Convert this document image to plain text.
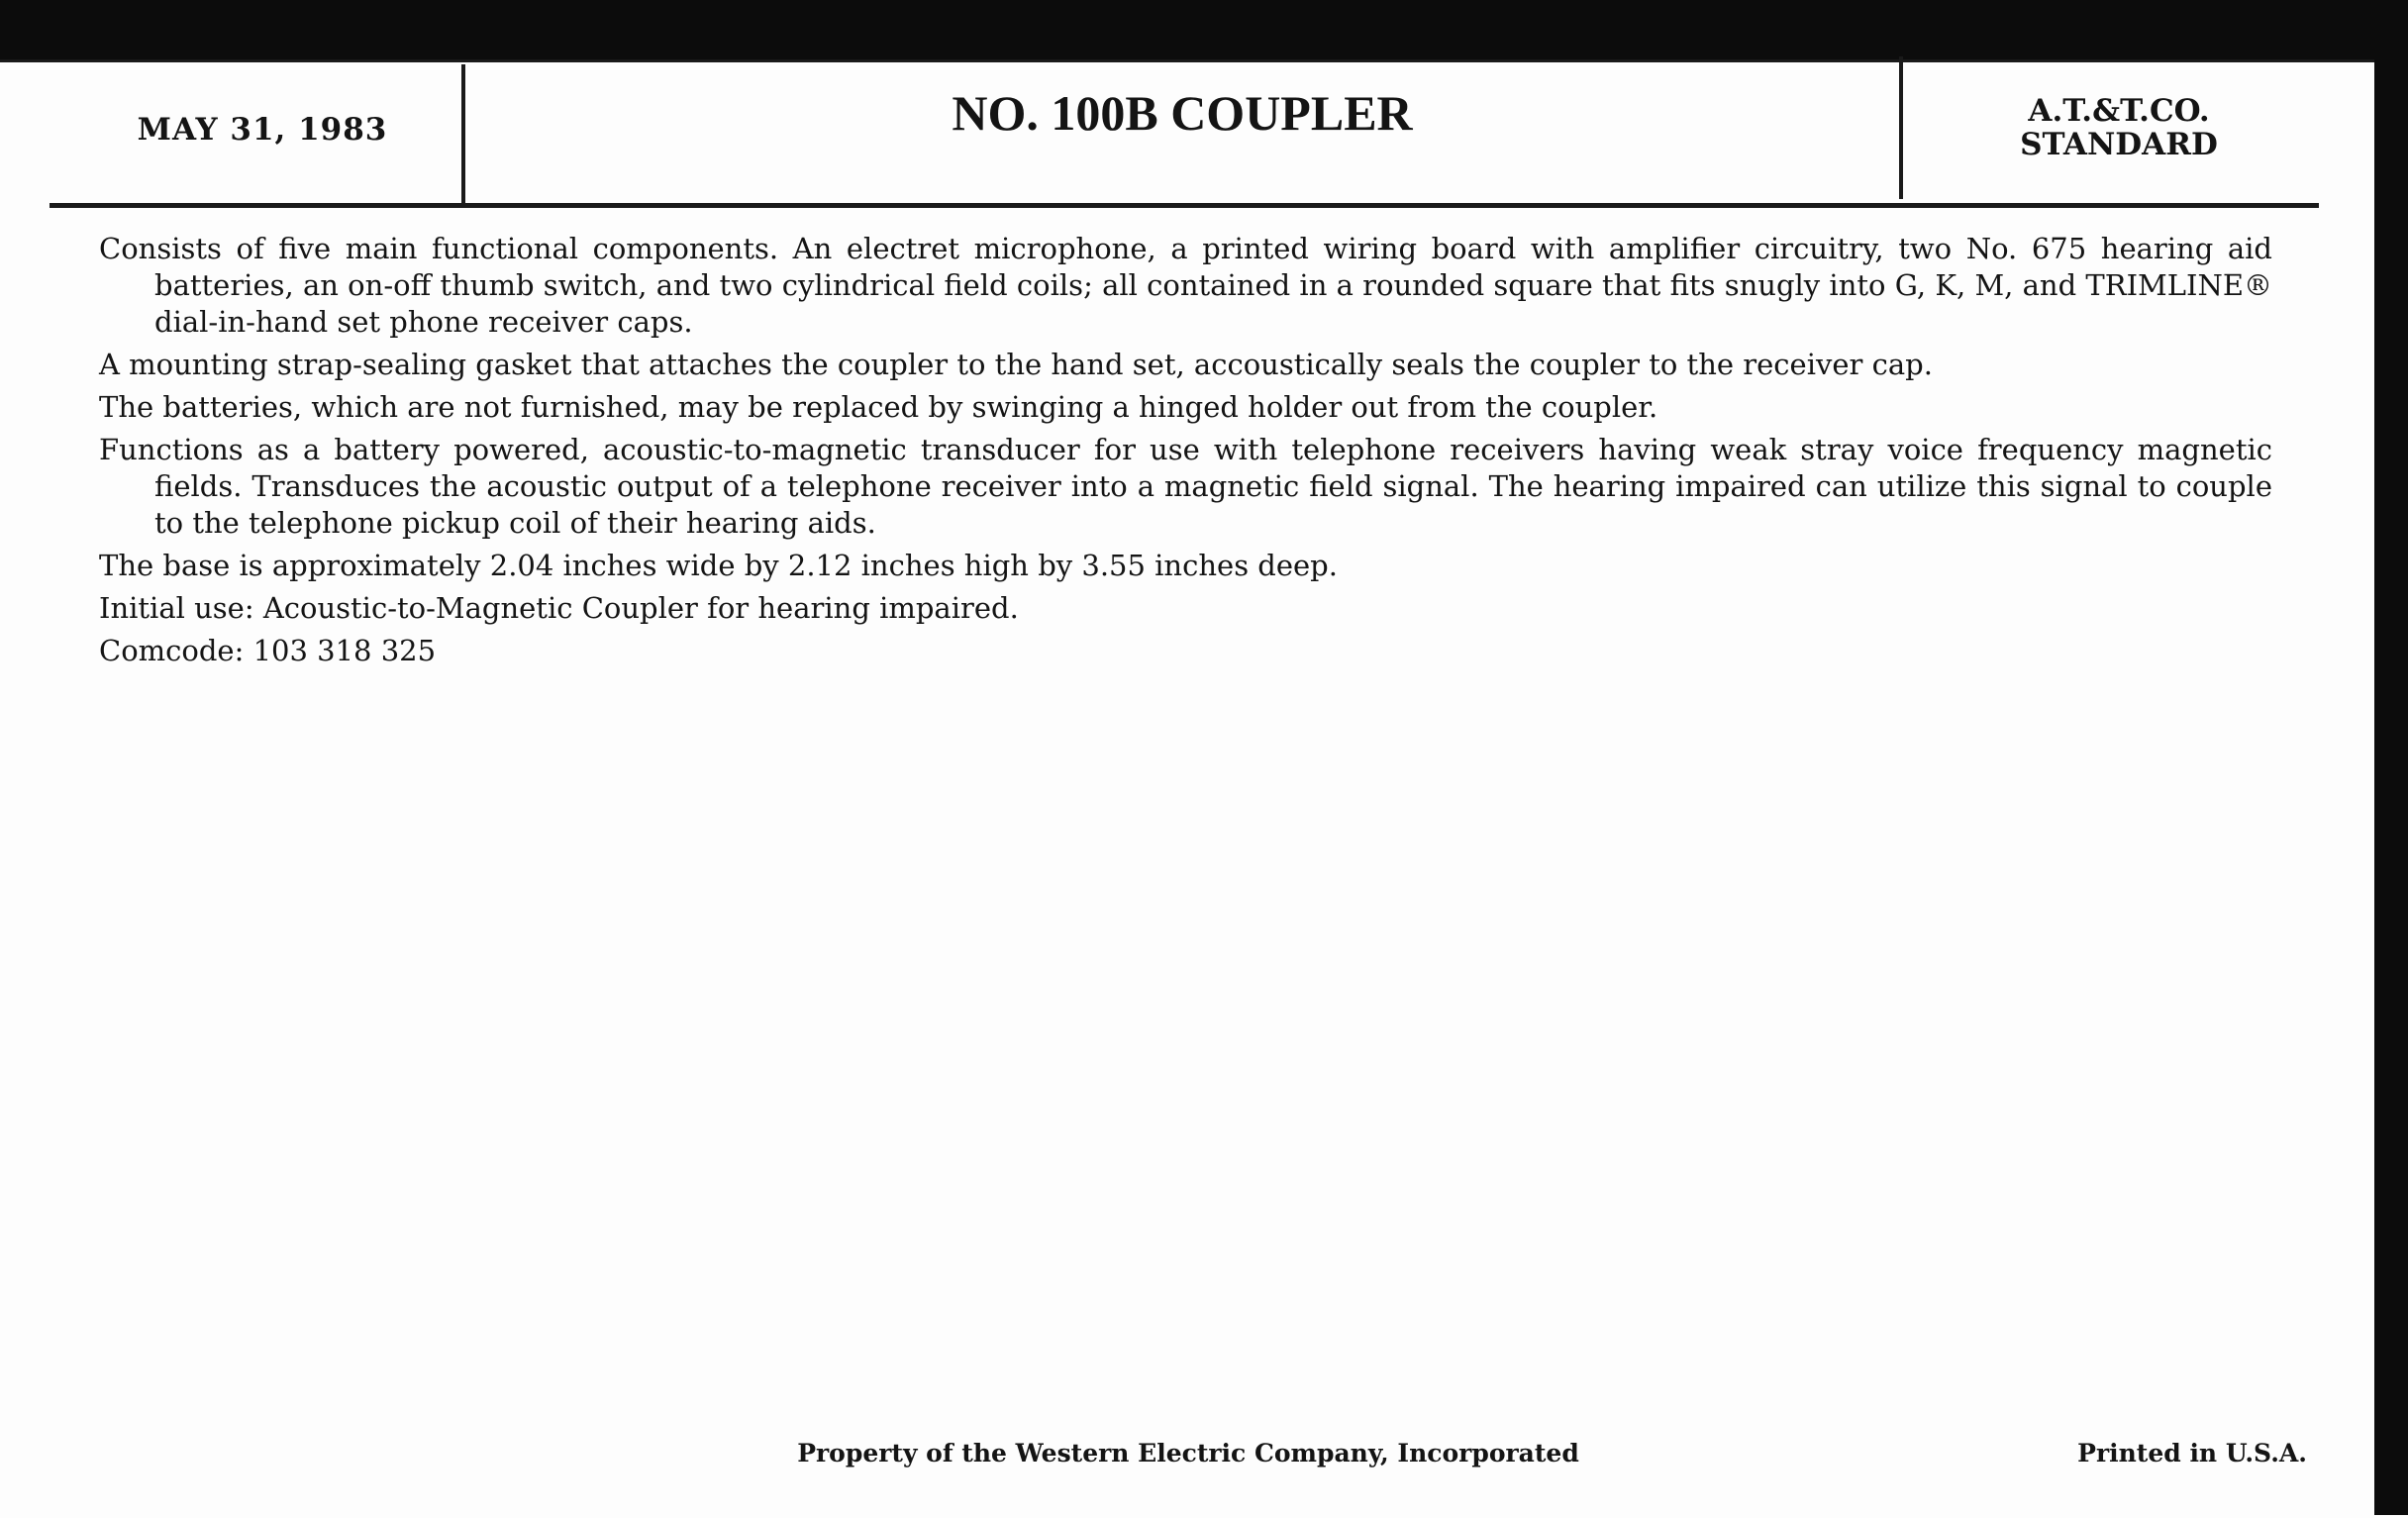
MAY 31, 1983	NO. 100B COUPLER	A.T.&T.CO.
STANDARD

Consists of five main functional components. An electret microphone, a printed wiring board with amplifier circuitry, two No. 675 hearing aid batteries, an on-off thumb switch, and two cylindrical field coils; all contained in a rounded square that fits snugly into G, K, M, and TRIMLINE® dial-in-hand set phone receiver caps.

A mounting strap-sealing gasket that attaches the coupler to the hand set, accoustically seals the coupler to the receiver cap.

The batteries, which are not furnished, may be replaced by swinging a hinged holder out from the coupler.

Functions as a battery powered, acoustic-to-magnetic transducer for use with telephone receivers having weak stray voice frequency magnetic fields. Transduces the acoustic output of a telephone receiver into a magnetic field signal. The hearing impaired can utilize this signal to couple to the telephone pickup coil of their hearing aids.

The base is approximately 2.04 inches wide by 2.12 inches high by 3.55 inches deep.

Initial use: Acoustic-to-Magnetic Coupler for hearing impaired.

Comcode: 103 318 325

Property of the Western Electric Company, Incorporated	Printed in U.S.A.
